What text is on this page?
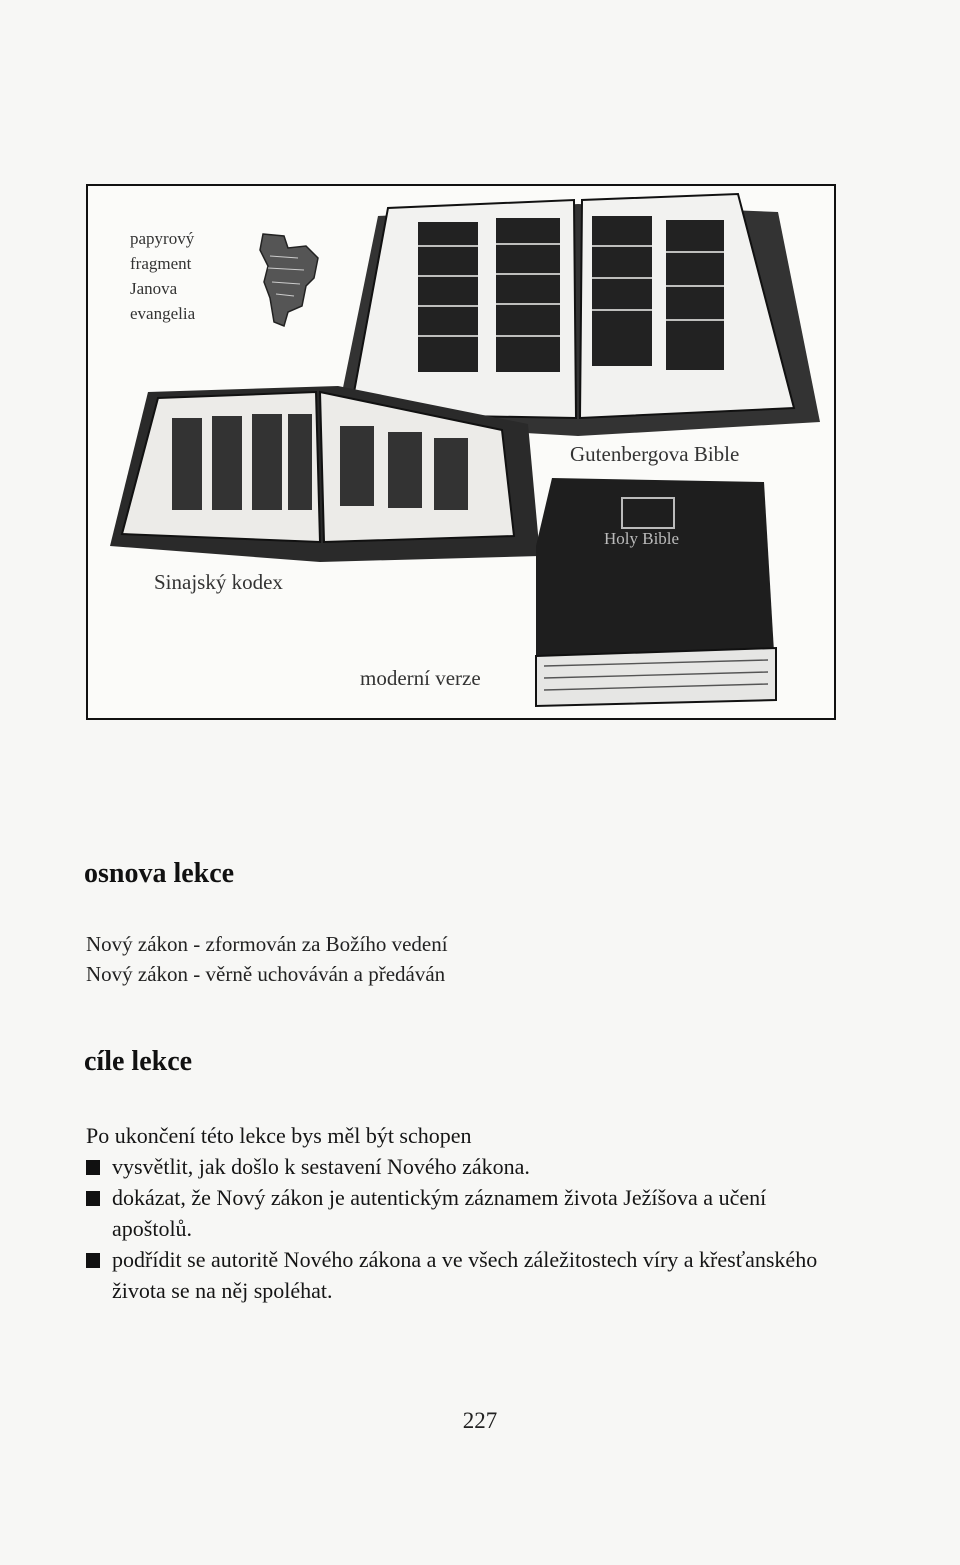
Holy Bible
papyrový fragment Janova evangelia
Gutenbergova Bible
Sinajský kodex
moderní verze
osnova lekce
Nový zákon - zformován za Božího vedení
Nový zákon - věrně uchováván a předáván
cíle lekce

Po ukončení této lekce bys měl být schopen

vysvětlit, jak došlo k sestavení Nového zákona.

dokázat, že Nový zákon je autentickým záznamem života Ježíšova a učení apoštolů.

podřídit se autoritě Nového zákona a ve všech záležitostech víry a křesťanského života se na něj spoléhat.

227
